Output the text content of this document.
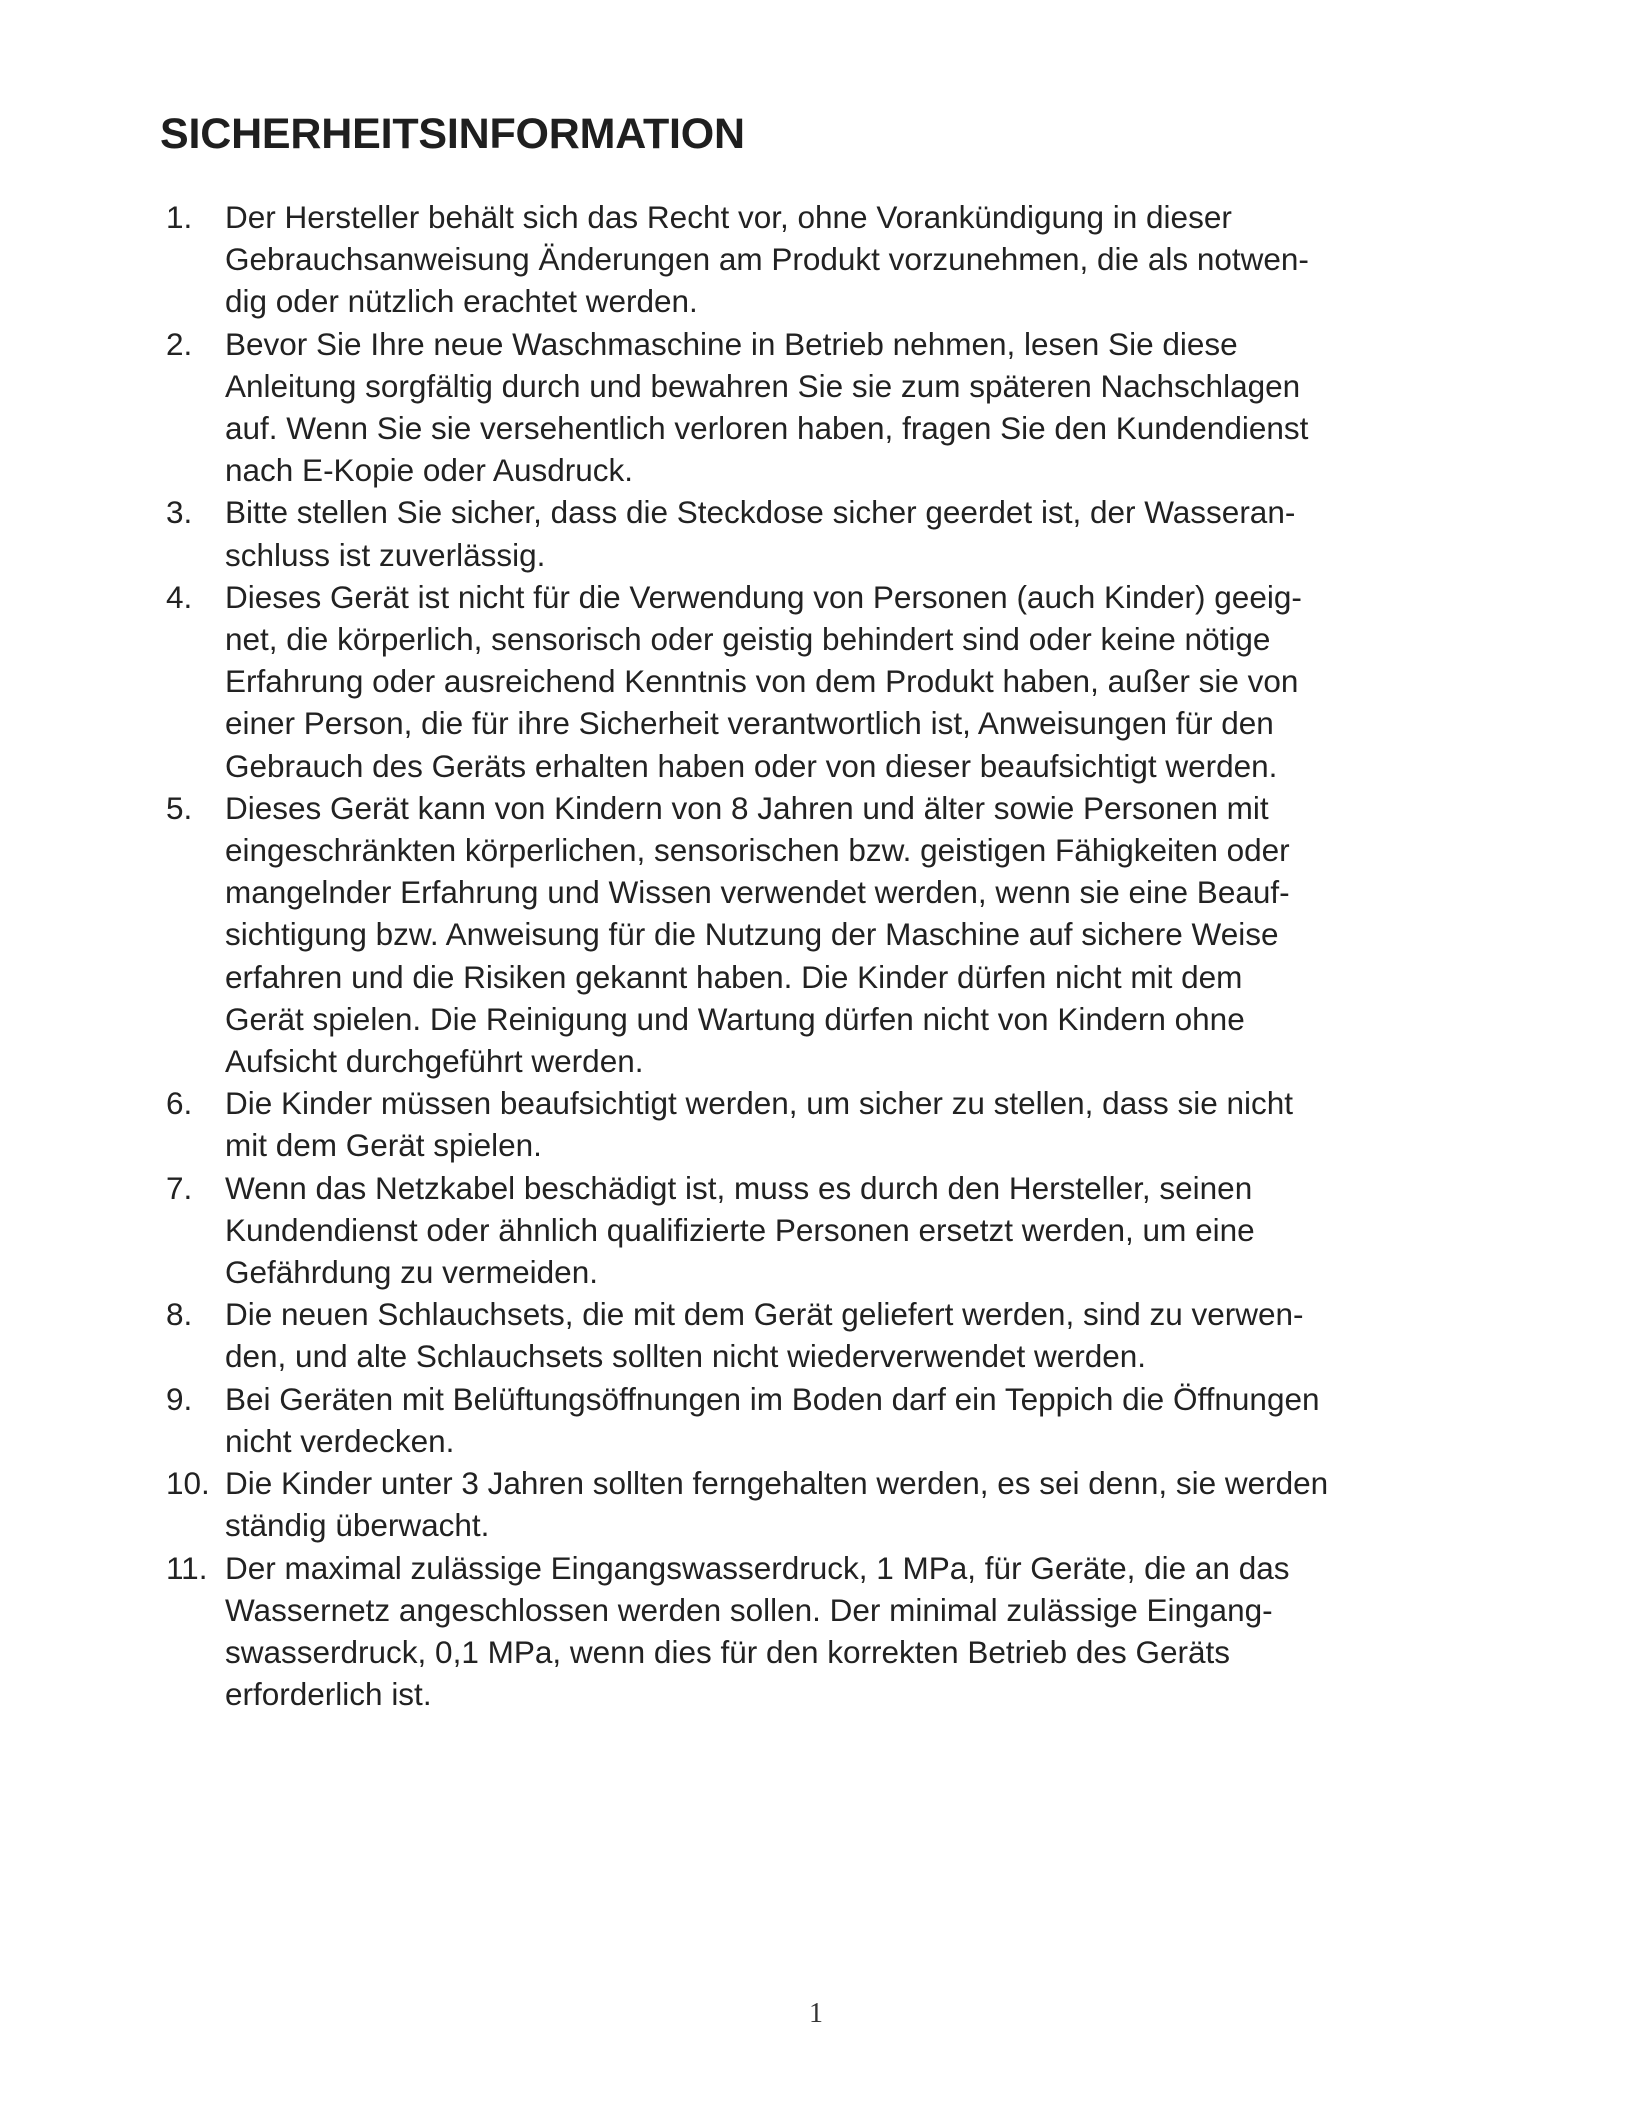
SICHERHEITSINFORMATION
1.	Der Hersteller behält sich das Recht vor, ohne Vorankündigung in dieser
Gebrauchsanweisung Änderungen am Produkt vorzunehmen, die als notwen-
dig oder nützlich erachtet werden.
2.	Bevor Sie Ihre neue Waschmaschine in Betrieb nehmen, lesen Sie diese
Anleitung sorgfältig durch und bewahren Sie sie zum späteren Nachschlagen
auf. Wenn Sie sie versehentlich verloren haben, fragen Sie den Kundendienst
nach E-Kopie oder Ausdruck.
3.	Bitte stellen Sie sicher, dass die Steckdose sicher geerdet ist, der Wasseran-
schluss ist zuverlässig.
4.	Dieses Gerät ist nicht für die Verwendung von Personen (auch Kinder) geeig-
net, die körperlich, sensorisch oder geistig behindert sind oder keine nötige
Erfahrung oder ausreichend Kenntnis von dem Produkt haben, außer sie von
einer Person, die für ihre Sicherheit verantwortlich ist, Anweisungen für den
Gebrauch des Geräts erhalten haben oder von dieser beaufsichtigt werden.
5.	Dieses Gerät kann von Kindern von 8 Jahren und älter sowie Personen mit
eingeschränkten körperlichen, sensorischen bzw. geistigen Fähigkeiten oder
mangelnder Erfahrung und Wissen verwendet werden, wenn sie eine Beauf-
sichtigung bzw. Anweisung für die Nutzung der Maschine auf sichere Weise
erfahren und die Risiken gekannt haben. Die Kinder dürfen nicht mit dem
Gerät spielen. Die Reinigung und Wartung dürfen nicht von Kindern ohne
Aufsicht durchgeführt werden.
6.	Die Kinder müssen beaufsichtigt werden, um sicher zu stellen, dass sie nicht
mit dem Gerät spielen.
7.	Wenn das Netzkabel beschädigt ist, muss es durch den Hersteller, seinen
Kundendienst oder ähnlich qualifizierte Personen ersetzt werden, um eine
Gefährdung zu vermeiden.
8.	Die neuen Schlauchsets, die mit dem Gerät geliefert werden, sind zu verwen-
den, und alte Schlauchsets sollten nicht wiederverwendet werden.
9.	Bei Geräten mit Belüftungsöffnungen im Boden darf ein Teppich die Öffnungen
nicht verdecken.
10. Die Kinder unter 3 Jahren sollten ferngehalten werden, es sei denn, sie werden
ständig überwacht.
11. Der maximal zulässige Eingangswasserdruck, 1 MPa, für Geräte, die an das
Wassernetz angeschlossen werden sollen. Der minimal zulässige Eingang-
swasserdruck, 0,1 MPa, wenn dies für den korrekten Betrieb des Geräts
erforderlich ist.
1
